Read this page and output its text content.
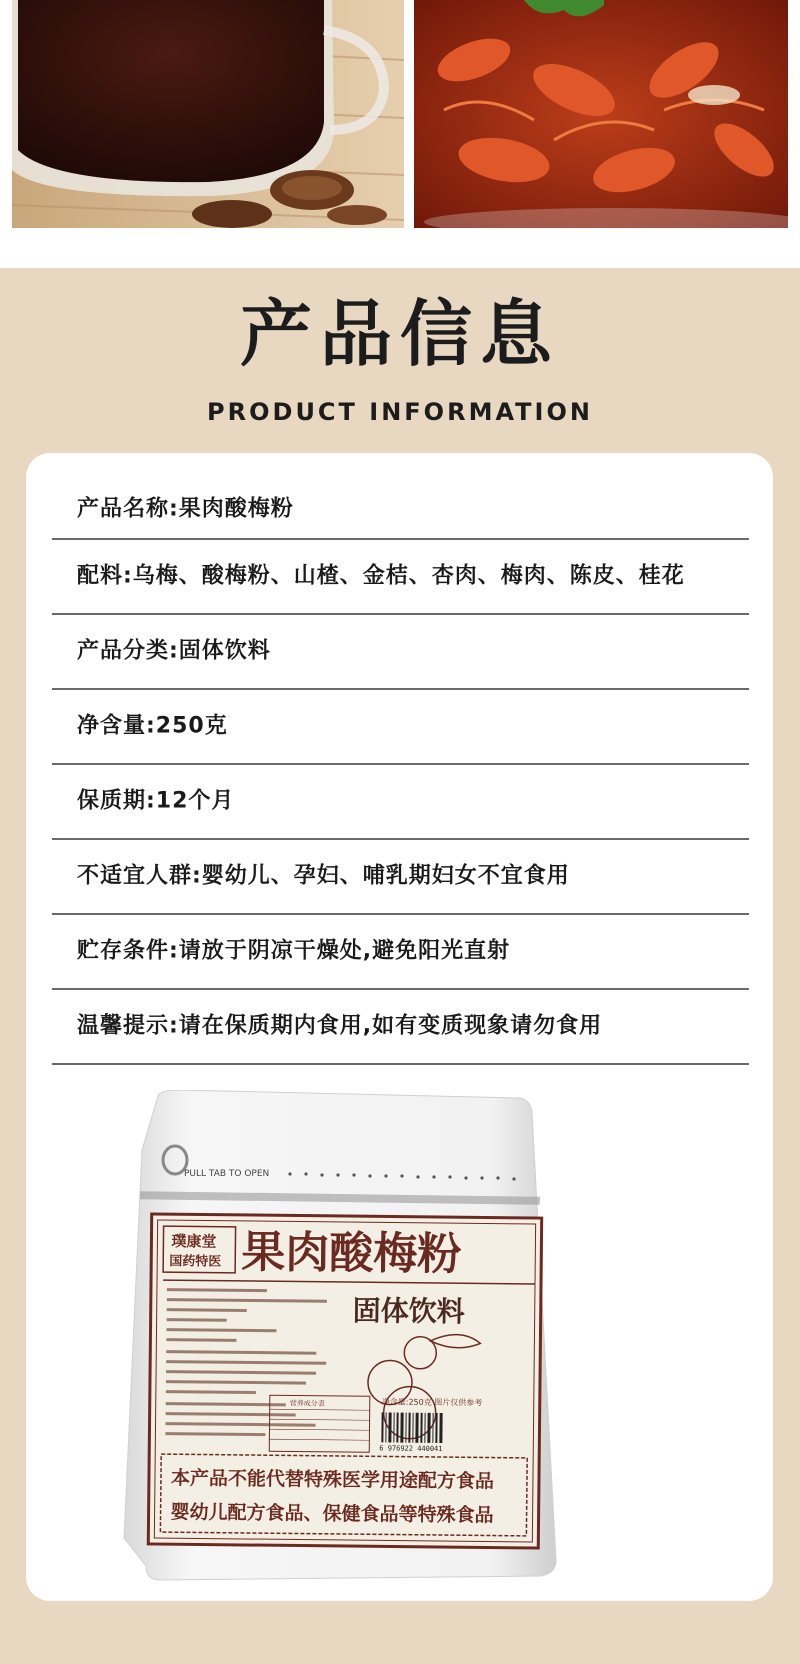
产品信息
PRODUCT INFORMATION
产品名称:果肉酸梅粉
配料:乌梅、酸梅粉、山楂、金桔、杏肉、梅肉、陈皮、桂花
产品分类:固体饮料
净含量:250克
保质期:12个月
不适宜人群:婴幼儿、孕妇、哺乳期妇女不宜食用
贮存条件:请放于阴凉干燥处,避免阳光直射
温馨提示:请在保质期内食用,如有变质现象请勿食用
PULL TAB TO OPEN
璞康堂
国药特医 果肉酸梅粉
固体饮料
营养成分表	净含量:250克 图片仅供参考
6 976922 440041
本产品不能代替特殊医学用途配方食品
婴幼儿配方食品、保健食品等特殊食品
